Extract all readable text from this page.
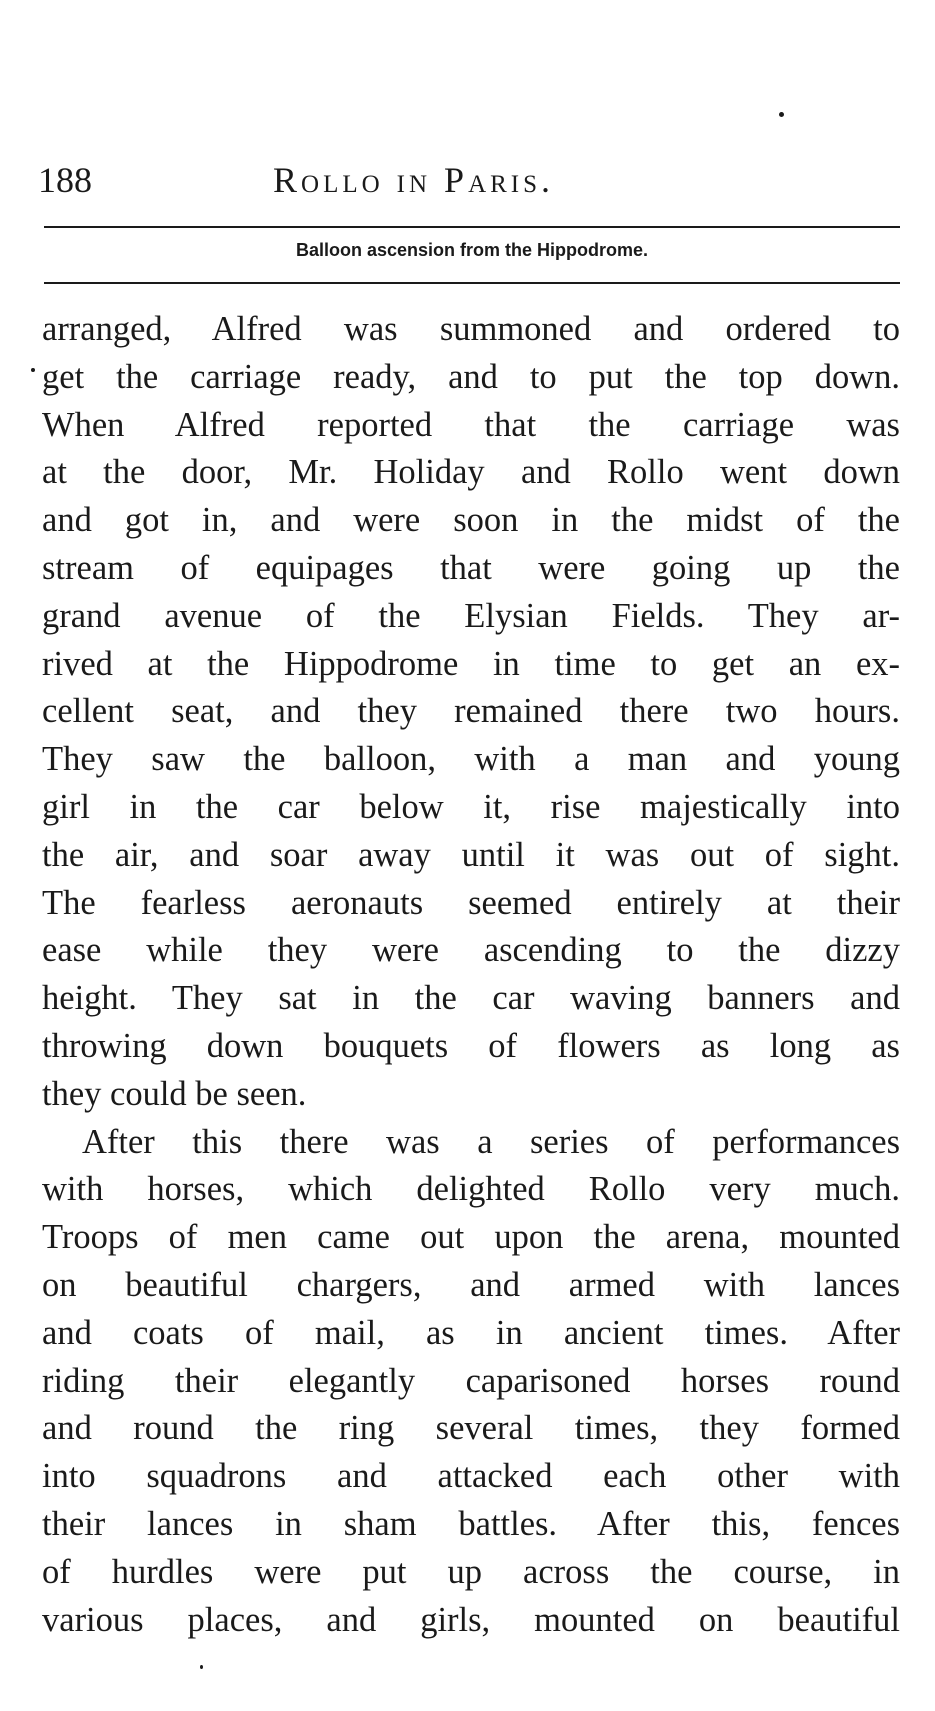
188	Rollo in Paris.
Balloon ascension from the Hippodrome.
arranged, Alfred was summoned and ordered to
get the carriage ready, and to put the top down.
When Alfred reported that the carriage was
at the door, Mr. Holiday and Rollo went down
and got in, and were soon in the midst of the
stream of equipages that were going up the
grand avenue of the Elysian Fields. They ar-
rived at the Hippodrome in time to get an ex-
cellent seat, and they remained there two hours.
They saw the balloon, with a man and young
girl in the car below it, rise majestically into
the air, and soar away until it was out of sight.
The fearless aeronauts seemed entirely at their
ease while they were ascending to the dizzy
height. They sat in the car waving banners and
throwing down bouquets of flowers as long as
they could be seen.
After this there was a series of performances
with horses, which delighted Rollo very much.
Troops of men came out upon the arena, mounted
on beautiful chargers, and armed with lances
and coats of mail, as in ancient times. After
riding their elegantly caparisoned horses round
and round the ring several times, they formed
into squadrons and attacked each other with
their lances in sham battles. After this, fences
of hurdles were put up across the course, in
various places, and girls, mounted on beautiful
